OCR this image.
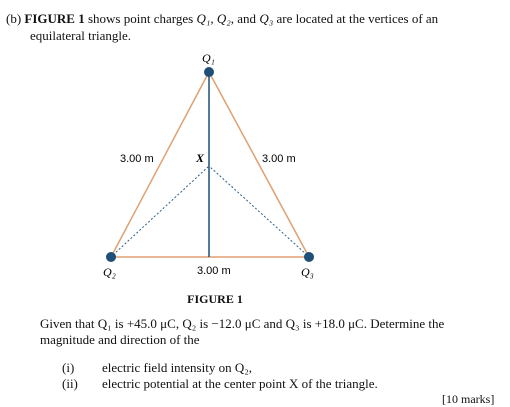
(b) FIGURE 1 shows point charges Q₁, Q₂, and Q₃ are located at the vertices of an
equilateral triangle.
Q₁
Q₂	Q₃
X
3.00 m	3.00 m
3.00 m
FIGURE 1
Given that Q₁ is +45.0 μC, Q₂ is −12.0 μC and Q₃ is +18.0 μC. Determine the magnitude and direction of the
(i)	electric field intensity on Q₂,
(ii)	electric potential at the center point X of the triangle.
[10 marks]
